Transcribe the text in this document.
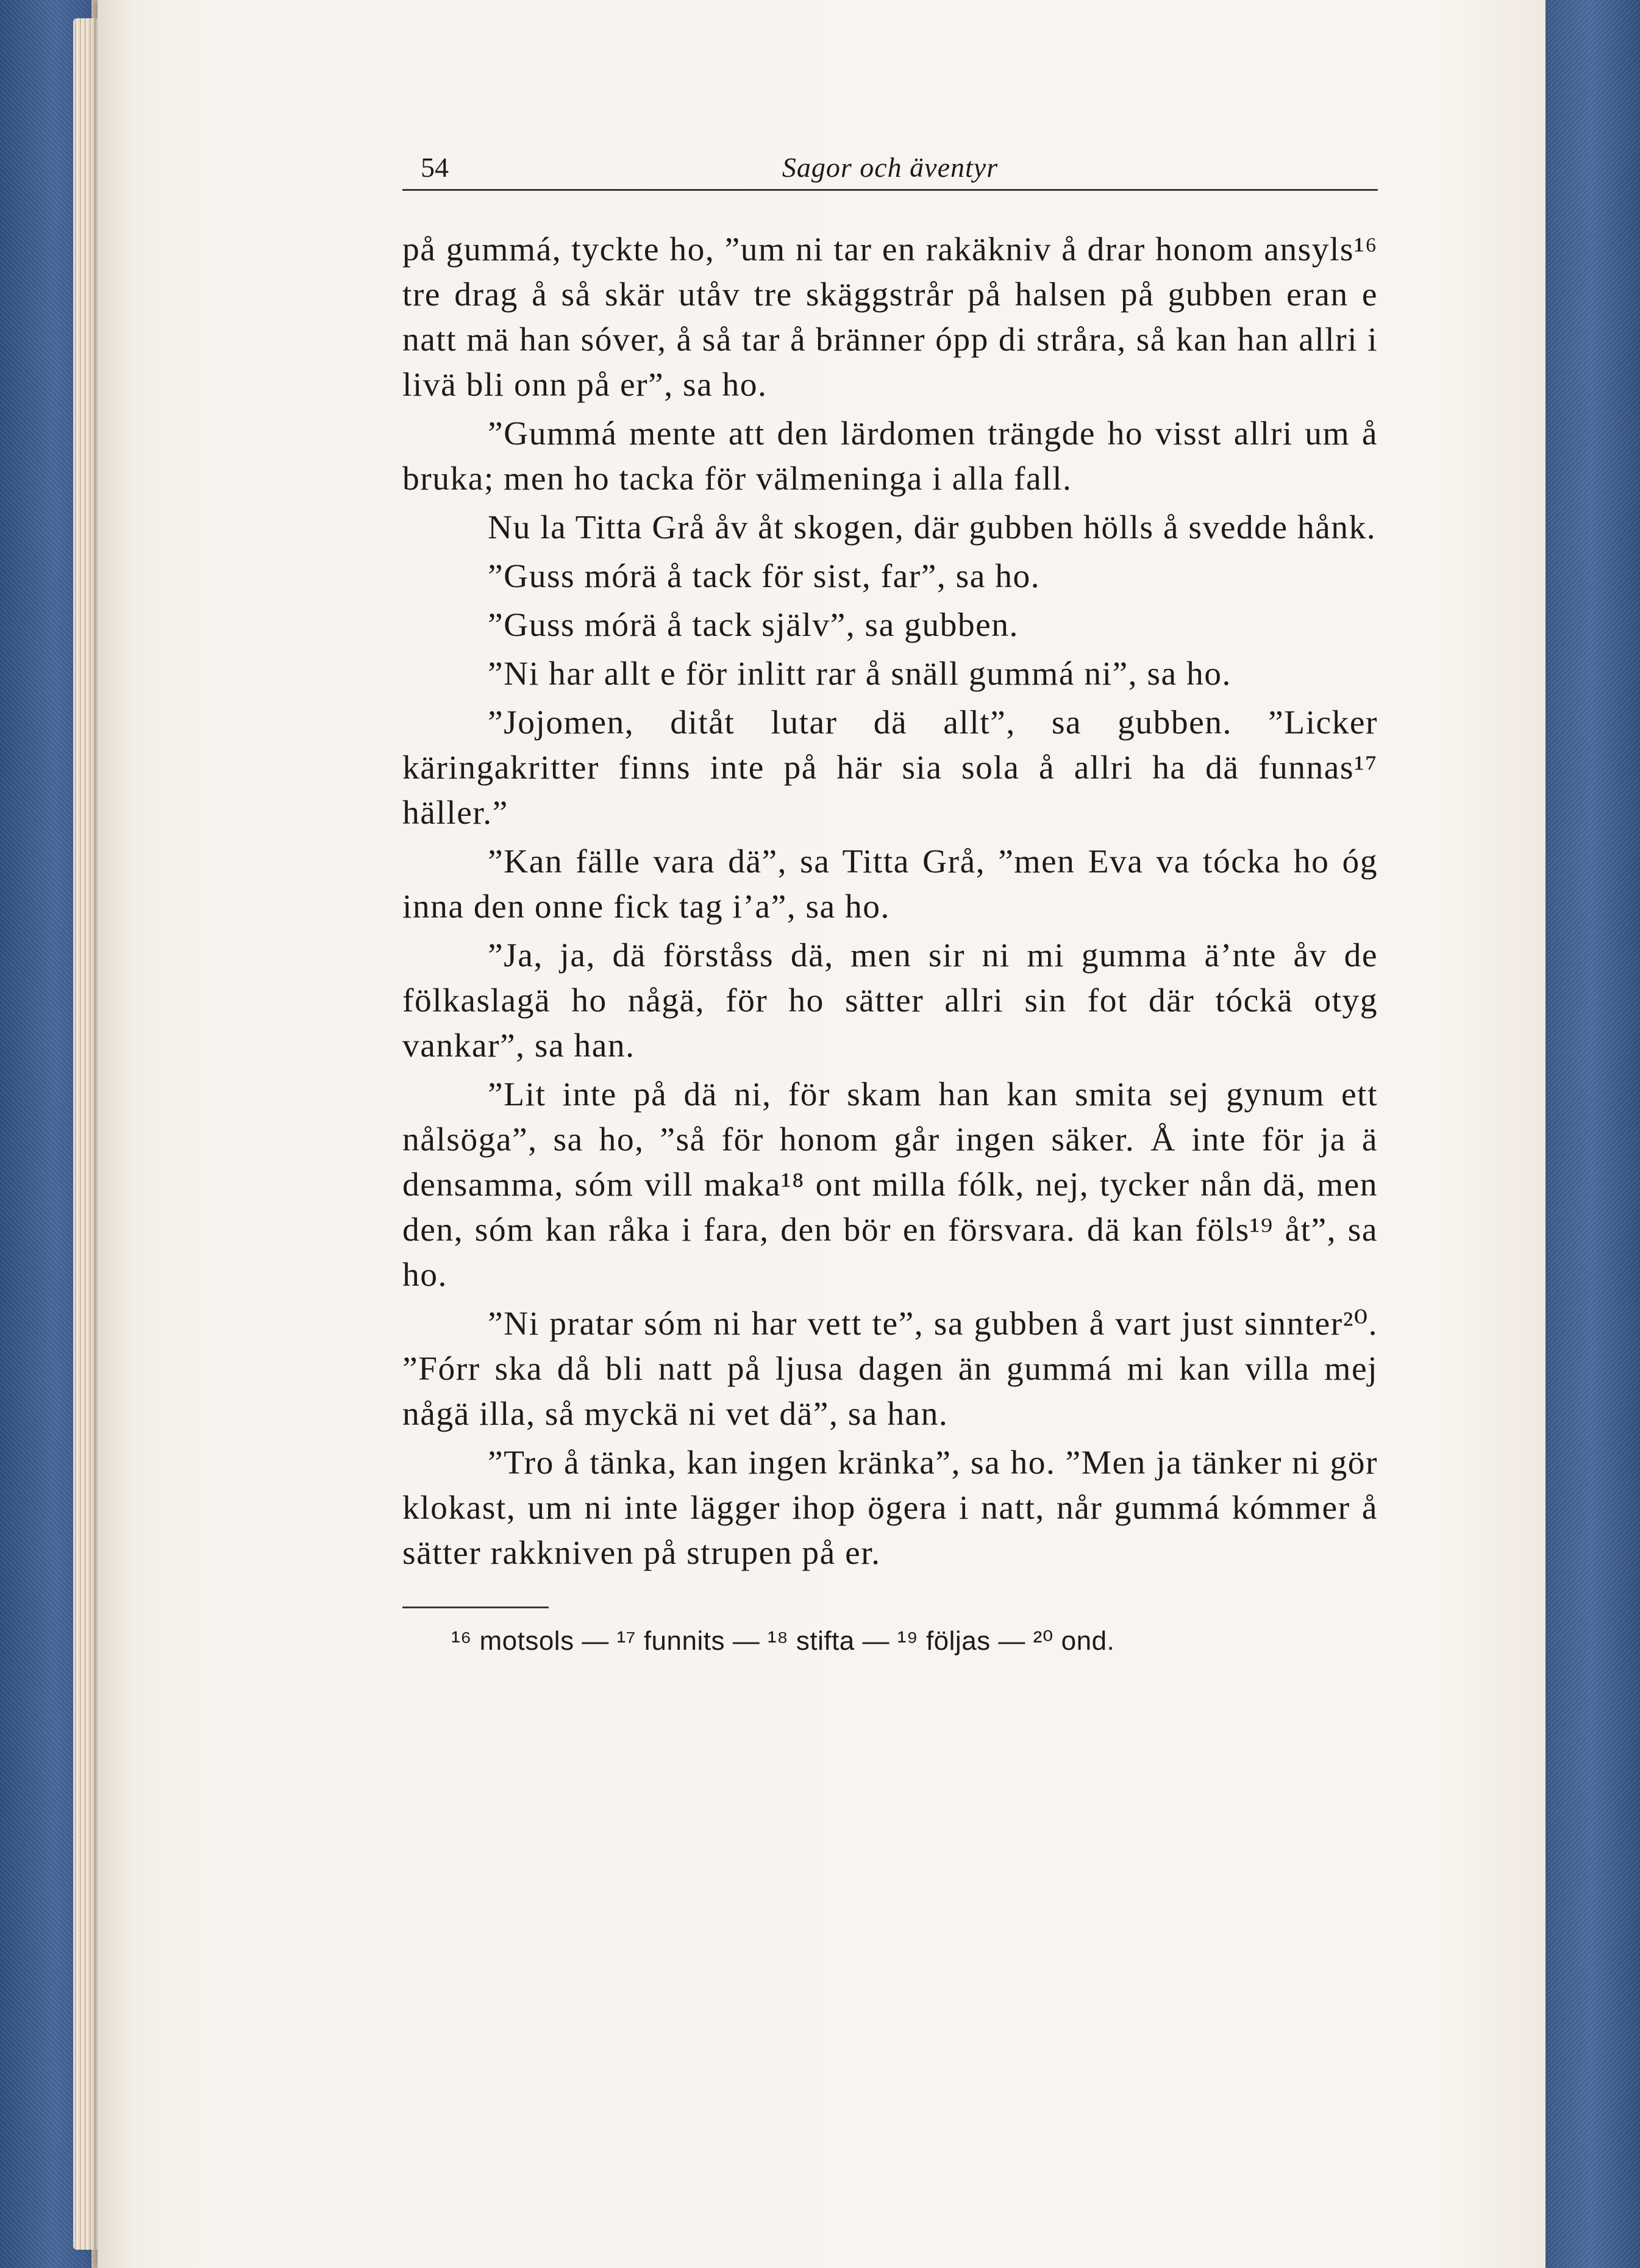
54	Sagor och äventyr

på gummá, tyckte ho, ”um ni tar en rakäkniv å drar honom ansyls¹⁶ tre drag å så skär utåv tre skäggstrår på halsen på gubben eran e natt mä han sóver, å så tar å bränner ópp di stråra, så kan han allri i livä bli onn på er”, sa ho.

”Gummá mente att den lärdomen trängde ho visst allri um å bruka; men ho tacka för välmeninga i alla fall.

Nu la Titta Grå åv åt skogen, där gubben hölls å svedde hånk.

”Guss mórä å tack för sist, far”, sa ho.

”Guss mórä å tack själv”, sa gubben.

”Ni har allt e för inlitt rar å snäll gummá ni”, sa ho.

”Jojomen, ditåt lutar dä allt”, sa gubben. ”Licker käringakritter finns inte på här sia sola å allri ha dä funnas¹⁷ häller.”

”Kan fälle vara dä”, sa Titta Grå, ”men Eva va tócka ho óg inna den onne fick tag i’a”, sa ho.

”Ja, ja, dä förståss dä, men sir ni mi gumma ä’nte åv de fölkaslagä ho någä, för ho sätter allri sin fot där tóckä otyg vankar”, sa han.

”Lit inte på dä ni, för skam han kan smita sej gynum ett nålsöga”, sa ho, ”så för honom går ingen säker. Å inte för ja ä densamma, sóm vill maka¹⁸ ont milla fólk, nej, tycker nån dä, men den, sóm kan råka i fara, den bör en försvara. dä kan föls¹⁹ åt”, sa ho.

”Ni pratar sóm ni har vett te”, sa gubben å vart just sinnter²⁰. ”Fórr ska då bli natt på ljusa dagen än gummá mi kan villa mej någä illa, så myckä ni vet dä”, sa han.

”Tro å tänka, kan ingen kränka”, sa ho. ”Men ja tänker ni gör klokast, um ni inte lägger ihop ögera i natt, når gummá kómmer å sätter rakkniven på strupen på er.

¹⁶ motsols — ¹⁷ funnits — ¹⁸ stifta — ¹⁹ följas — ²⁰ ond.
